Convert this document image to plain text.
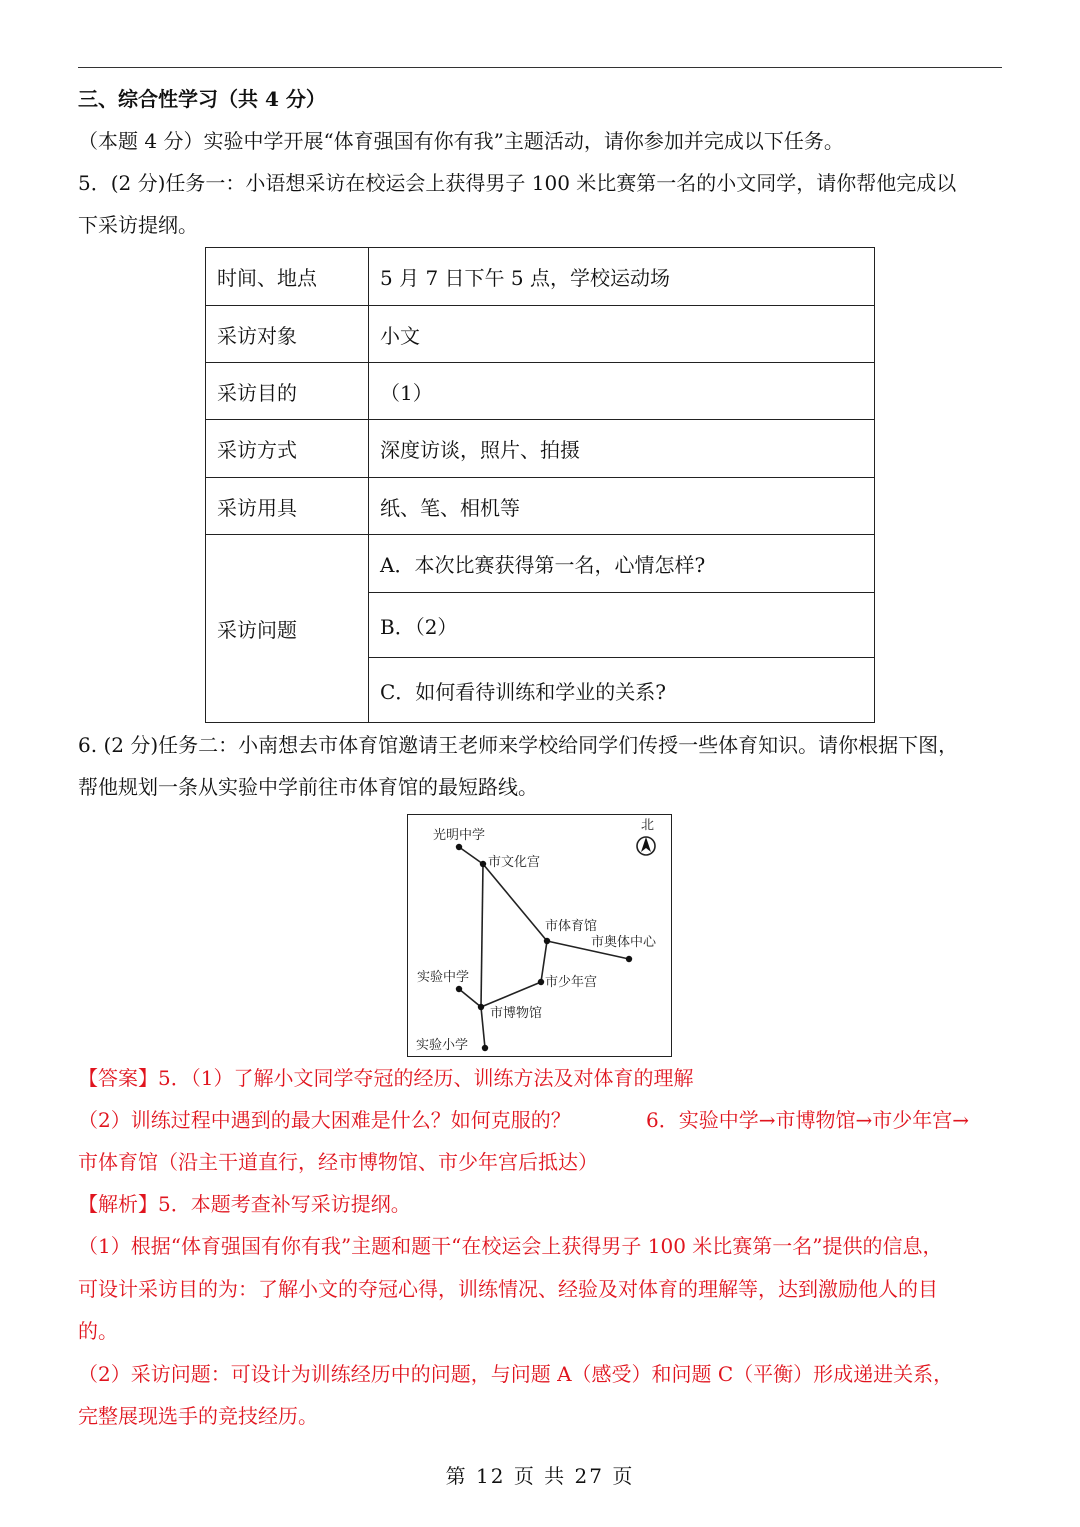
三、综合性学习（共 4 分）
（本题 4 分）实验中学开展“体育强国有你有我”主题活动，请你参加并完成以下任务。
5．(2 分)任务一：小语想采访在校运会上获得男子 100 米比赛第一名的小文同学，请你帮他完成以
下采访提纲。
时间、地点	5 月 7 日下午 5 点，学校运动场
采访对象	小文
采访目的	（1）
采访方式	深度访谈，照片、拍摄
采访用具	纸、笔、相机等
采访问题	A．本次比赛获得第一名，心情怎样?
	B．（2）
	C．如何看待训练和学业的关系?
6. (2 分)任务二：小南想去市体育馆邀请王老师来学校给同学们传授一些体育知识。请你根据下图，
帮他规划一条从实验中学前往市体育馆的最短路线。
北
光明中学
市文化宫
市体育馆
市奥体中心
实验中学	市少年宫
市博物馆
实验小学
【答案】5．（1）了解小文同学夺冠的经历、训练方法及对体育的理解
（2）训练过程中遇到的最大困难是什么？如何克服的？	6．实验中学→市博物馆→市少年宫→
市体育馆（沿主干道直行，经市博物馆、市少年宫后抵达）
【解析】5．本题考查补写采访提纲。
（1）根据“体育强国有你有我”主题和题干“在校运会上获得男子 100 米比赛第一名”提供的信息，
可设计采访目的为：了解小文的夺冠心得，训练情况、经验及对体育的理解等，达到激励他人的目
的。
（2）采访问题：可设计为训练经历中的问题，与问题 A（感受）和问题 C（平衡）形成递进关系，
完整展现选手的竞技经历。
第 12 页 共 27 页
